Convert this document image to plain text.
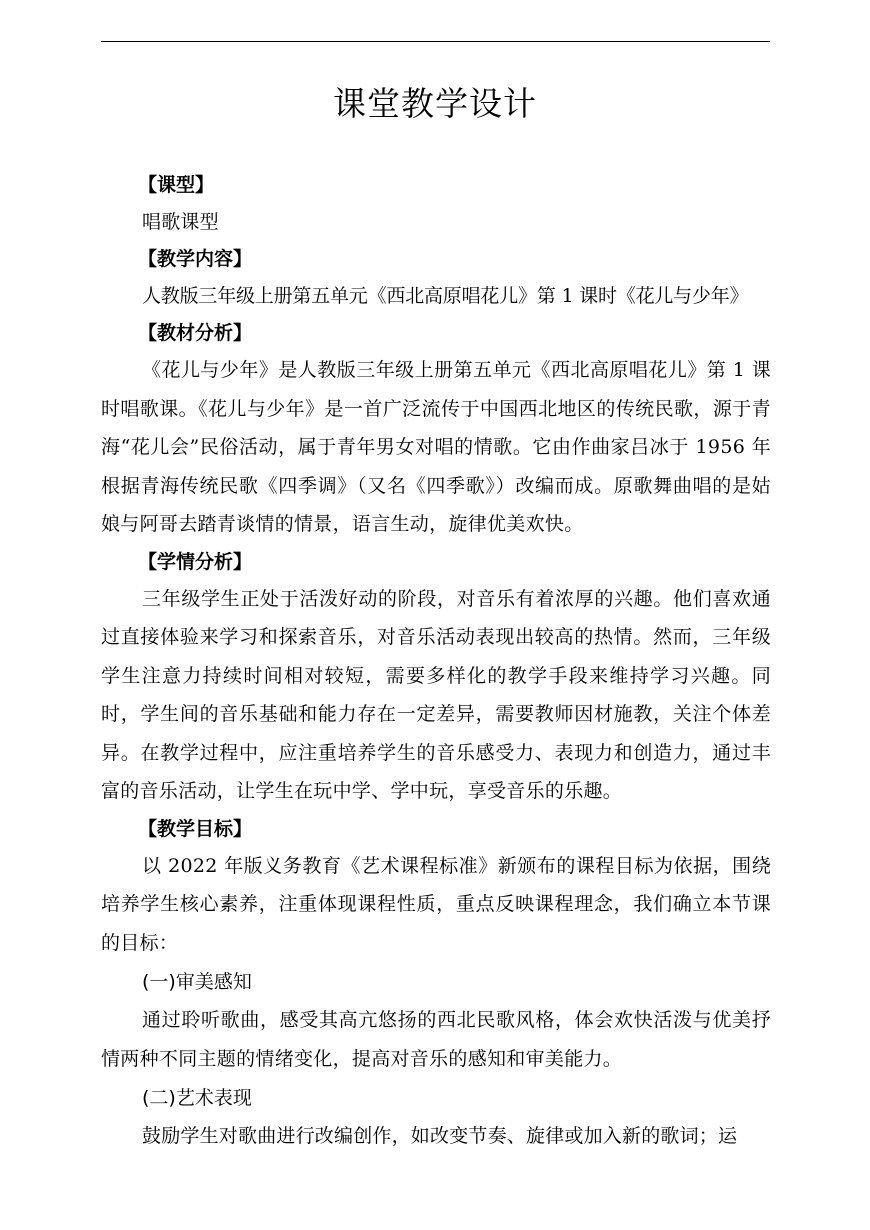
课堂教学设计
【课型】
唱歌课型
【教学内容】
人教版三年级上册第五单元《西北高原唱花儿》第 1 课时《花儿与少年》
【教材分析】
《花儿与少年》是人教版三年级上册第五单元《西北高原唱花儿》第 1 课时唱歌课。《花儿与少年》是一首广泛流传于中国西北地区的传统民歌，源于青海“花儿会”民俗活动，属于青年男女对唱的情歌。它由作曲家吕冰于 1956 年根据青海传统民歌《四季调》（又名《四季歌》）改编而成。原歌舞曲唱的是姑娘与阿哥去踏青谈情的情景，语言生动，旋律优美欢快。
【学情分析】
三年级学生正处于活泼好动的阶段，对音乐有着浓厚的兴趣。他们喜欢通过直接体验来学习和探索音乐，对音乐活动表现出较高的热情。然而，三年级学生注意力持续时间相对较短，需要多样化的教学手段来维持学习兴趣。同时，学生间的音乐基础和能力存在一定差异，需要教师因材施教，关注个体差异。在教学过程中，应注重培养学生的音乐感受力、表现力和创造力，通过丰富的音乐活动，让学生在玩中学、学中玩，享受音乐的乐趣。
【教学目标】
以 2022 年版义务教育《艺术课程标准》新颁布的课程目标为依据，围绕培养学生核心素养，注重体现课程性质，重点反映课程理念，我们确立本节课的目标：
(一)审美感知
通过聆听歌曲，感受其高亢悠扬的西北民歌风格，体会欢快活泼与优美抒情两种不同主题的情绪变化，提高对音乐的感知和审美能力。
(二)艺术表现
鼓励学生对歌曲进行改编创作，如改变节奏、旋律或加入新的歌词；运
